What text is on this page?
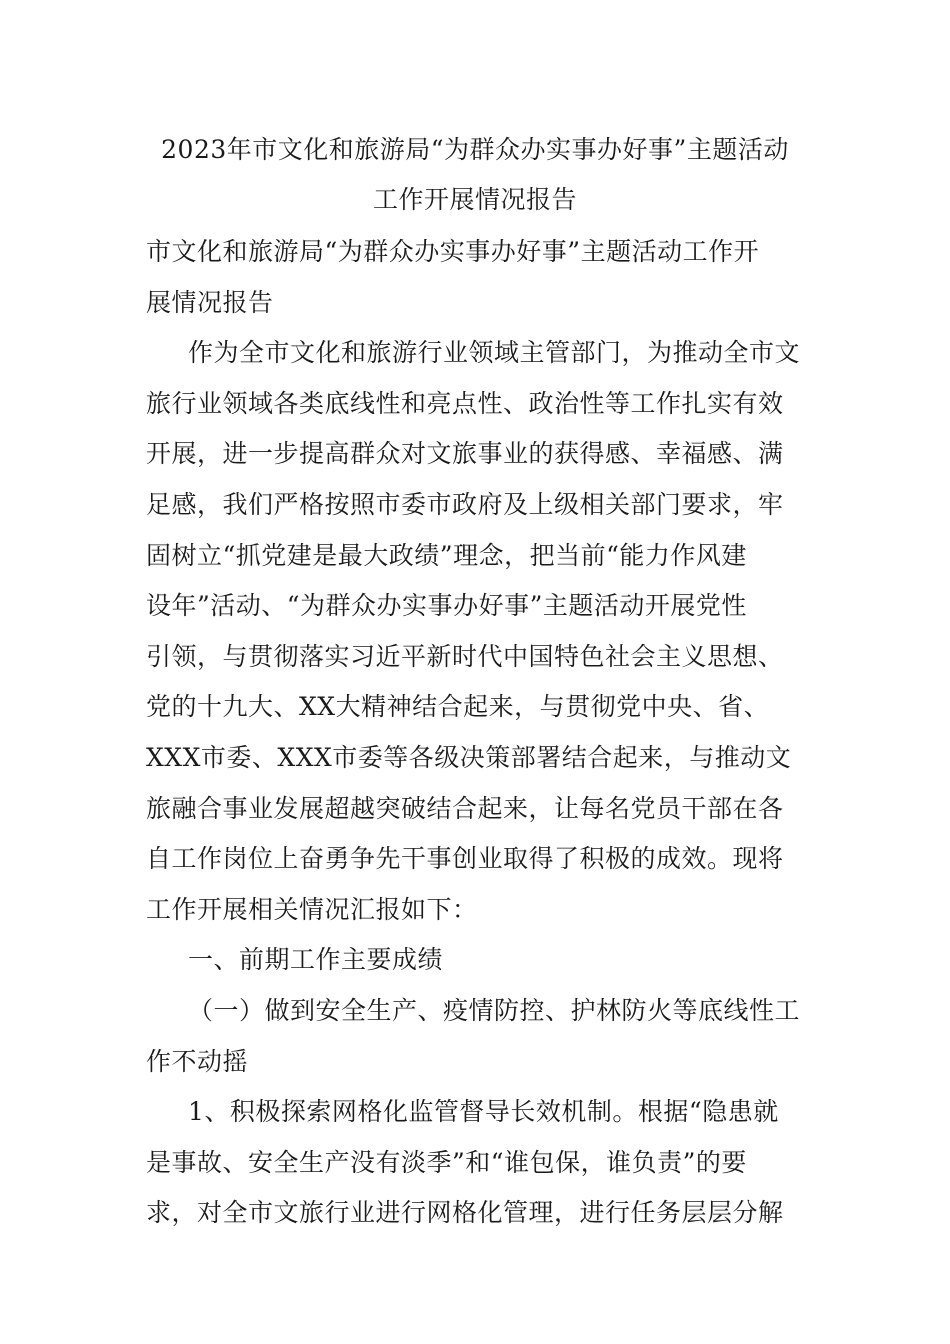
2023年市文化和旅游局“为群众办实事办好事”主题活动
工作开展情况报告
市文化和旅游局“为群众办实事办好事”主题活动工作开
展情况报告
作为全市文化和旅游行业领域主管部门，为推动全市文
旅行业领域各类底线性和亮点性、政治性等工作扎实有效
开展，进一步提高群众对文旅事业的获得感、幸福感、满
足感，我们严格按照市委市政府及上级相关部门要求，牢
固树立“抓党建是最大政绩”理念，把当前“能力作风建
设年”活动、“为群众办实事办好事”主题活动开展党性
引领，与贯彻落实习近平新时代中国特色社会主义思想、
党的十九大、XX大精神结合起来，与贯彻党中央、省、
XXX市委、XXX市委等各级决策部署结合起来，与推动文
旅融合事业发展超越突破结合起来，让每名党员干部在各
自工作岗位上奋勇争先干事创业取得了积极的成效。现将
工作开展相关情况汇报如下：
一、前期工作主要成绩
（一）做到安全生产、疫情防控、护林防火等底线性工
作不动摇
1、积极探索网格化监管督导长效机制。根据“隐患就
是事故、安全生产没有淡季”和“谁包保，谁负责”的要
求，对全市文旅行业进行网格化管理，进行任务层层分解
